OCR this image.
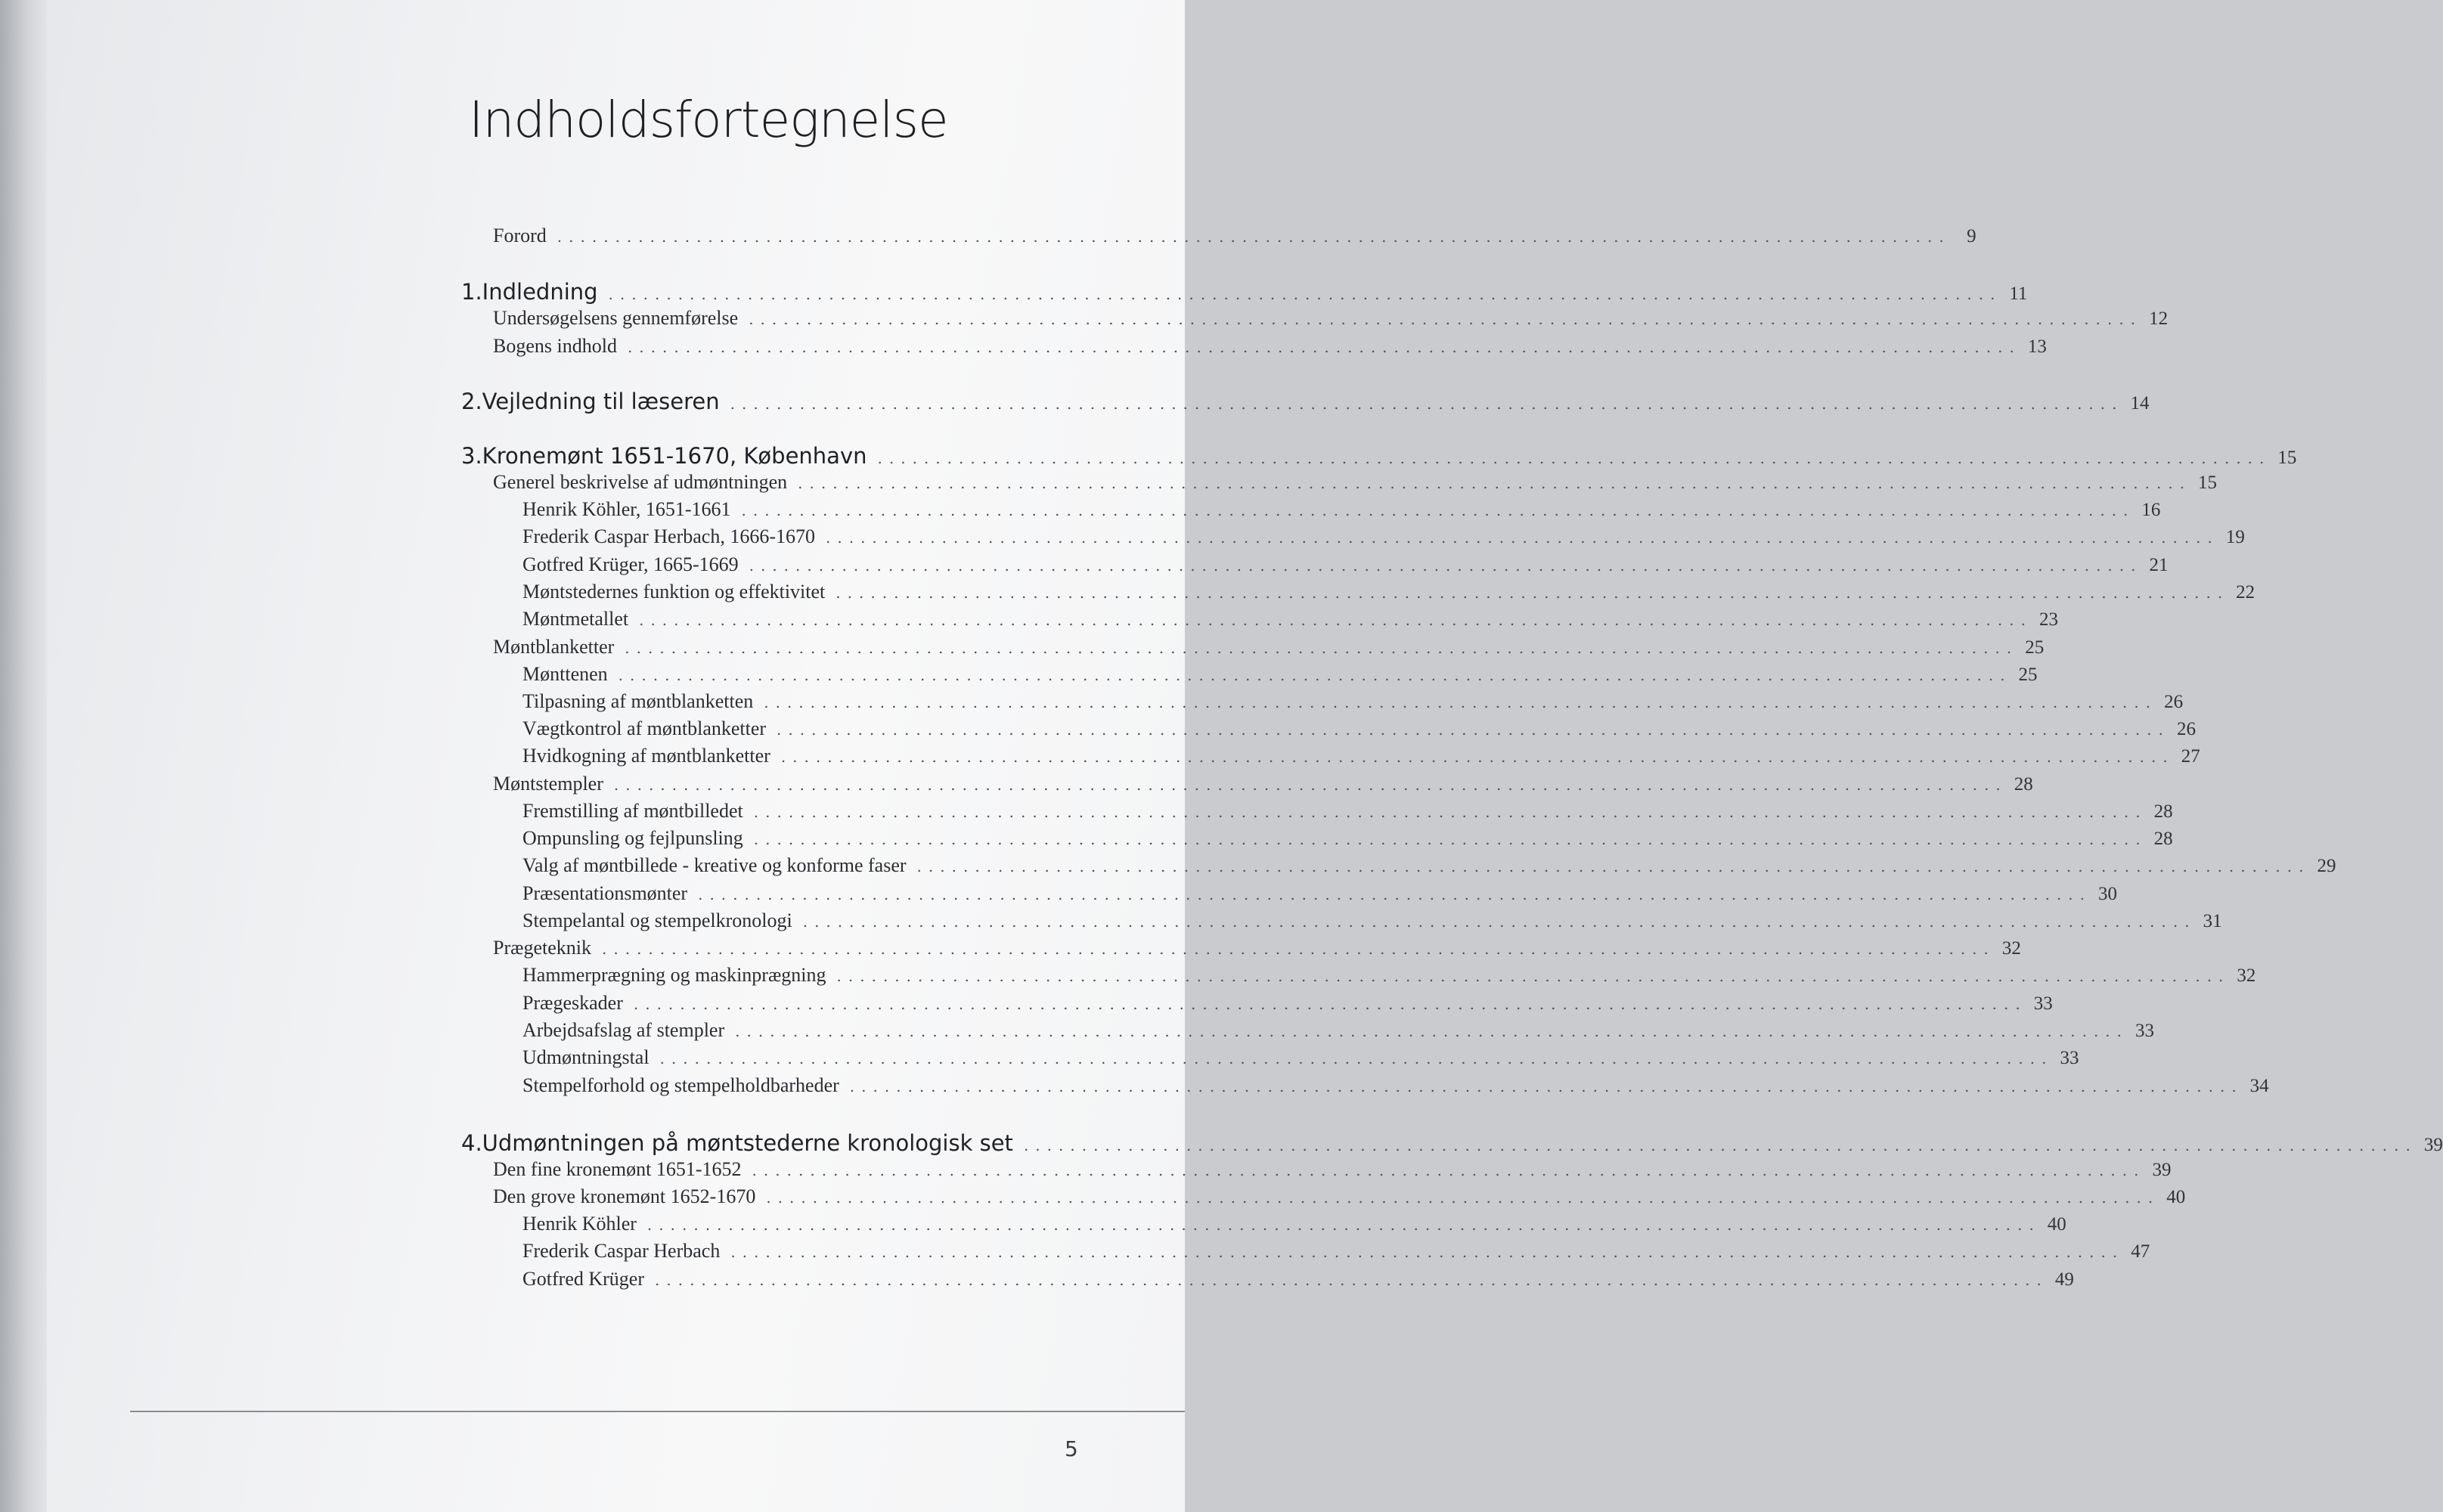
Indholdsfortegnelse
Forord ........................................................................................................................ 9
1. Indledning ........................................................................................................................ 11
Undersøgelsens gennemførelse ........................................................................................................................ 12
Bogens indhold ........................................................................................................................ 13
2. Vejledning til læseren ........................................................................................................................ 14
3. Kronemønt 1651-1670, København ........................................................................................................................ 15
Generel beskrivelse af udmøntningen ........................................................................................................................ 15
Henrik Köhler, 1651-1661 ........................................................................................................................ 16
Frederik Caspar Herbach, 1666-1670 ........................................................................................................................ 19
Gotfred Krüger, 1665-1669 ........................................................................................................................ 21
Møntstedernes funktion og effektivitet ........................................................................................................................ 22
Møntmetallet ........................................................................................................................ 23
Møntblanketter ........................................................................................................................ 25
Mønttenen ........................................................................................................................ 25
Tilpasning af møntblanketten ........................................................................................................................ 26
Vægtkontrol af møntblanketter ........................................................................................................................ 26
Hvidkogning af møntblanketter ........................................................................................................................ 27
Møntstempler ........................................................................................................................ 28
Fremstilling af møntbilledet ........................................................................................................................ 28
Ompunsling og fejlpunsling ........................................................................................................................ 28
Valg af møntbillede - kreative og konforme faser ........................................................................................................................ 29
Præsentationsmønter ........................................................................................................................ 30
Stempelantal og stempelkronologi ........................................................................................................................ 31
Prægeteknik ........................................................................................................................ 32
Hammerprægning og maskinprægning ........................................................................................................................ 32
Prægeskader ........................................................................................................................ 33
Arbejdsafslag af stempler ........................................................................................................................ 33
Udmøntningstal ........................................................................................................................ 33
Stempelforhold og stempelholdbarheder ........................................................................................................................ 34
4. Udmøntningen på møntstederne kronologisk set ........................................................................................................................ 39
Den fine kronemønt 1651-1652 ........................................................................................................................ 39
Den grove kronemønt 1652-1670 ........................................................................................................................ 40
Henrik Köhler ........................................................................................................................ 40
Frederik Caspar Herbach ........................................................................................................................ 47
Gotfred Krüger ........................................................................................................................ 49
5
